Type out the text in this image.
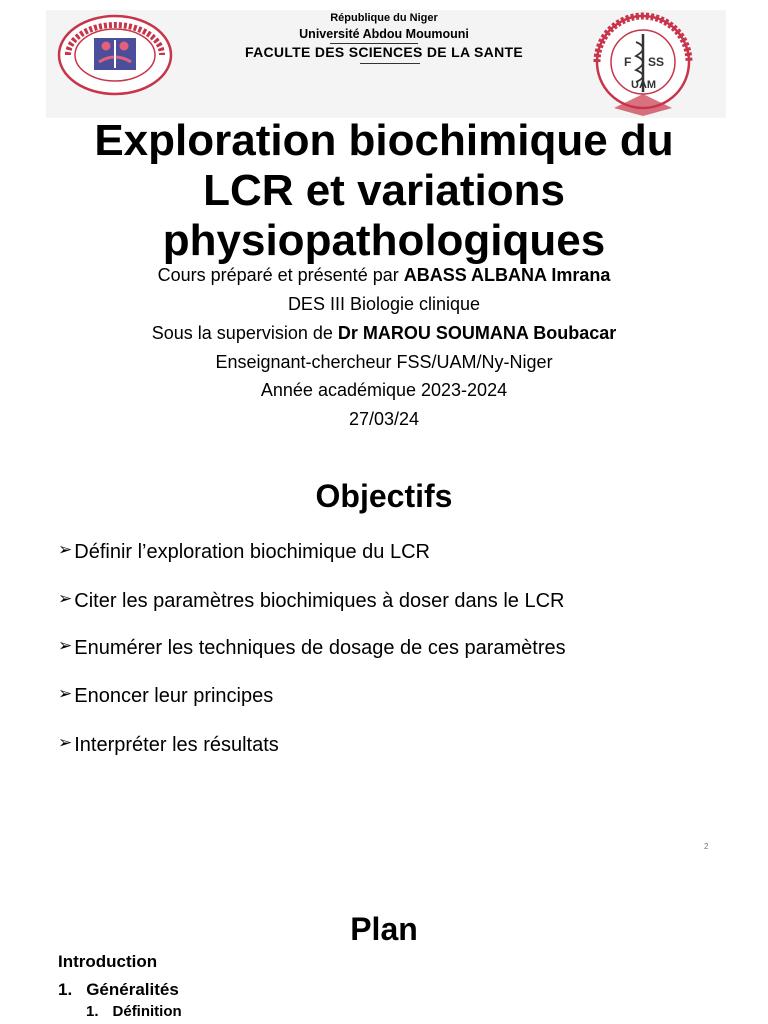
F SS
UAM
République du Niger
Université Abdou Moumouni
FACULTE DES SCIENCES DE LA SANTE
Exploration biochimique du
LCR et variations
physiopathologiques
Cours préparé et présenté par ABASS ALBANA Imrana
DES III Biologie clinique
Sous la supervision de Dr MAROU SOUMANA Boubacar
Enseignant-chercheur FSS/UAM/Ny-Niger
Année académique 2023-2024
27/03/24
Objectifs
➢ Définir l’exploration biochimique du LCR
➢ Citer les paramètres biochimiques à doser dans le LCR
➢ Enumérer les techniques de dosage de ces paramètres
➢ Enoncer leur principes
➢ Interpréter les résultats
2
Plan
Introduction
1. Généralités
1. Définition
